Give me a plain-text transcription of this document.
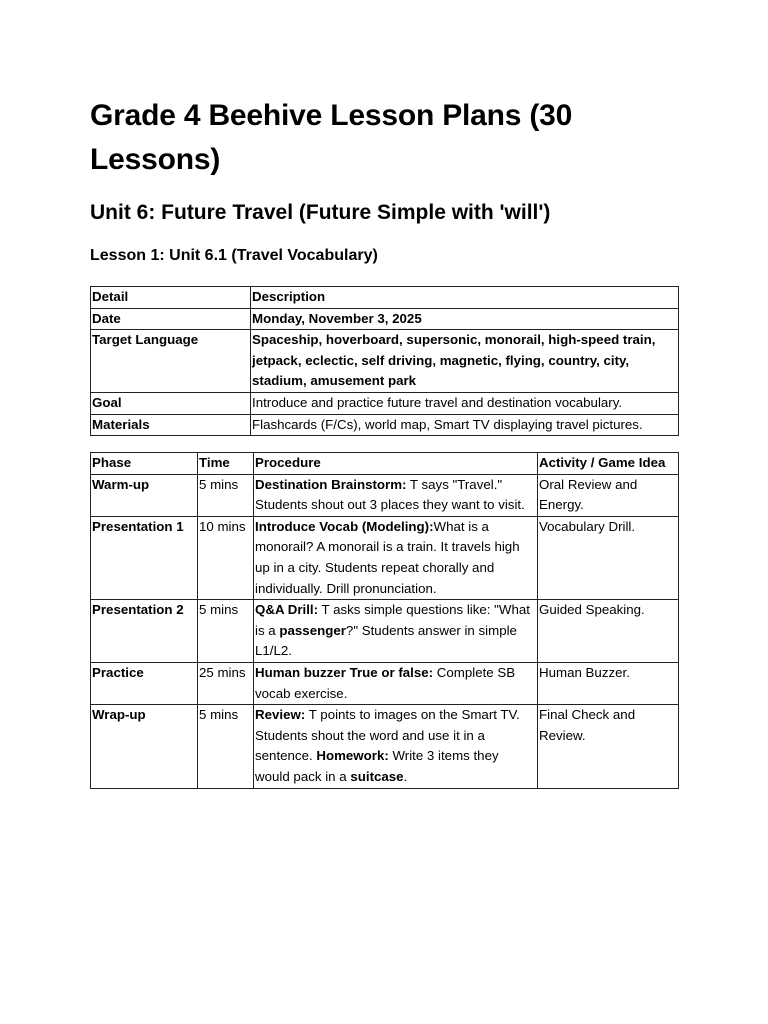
Grade 4 Beehive Lesson Plans (30 Lessons)
Unit 6: Future Travel (Future Simple with 'will')
Lesson 1: Unit 6.1 (Travel Vocabulary)
Detail	Description
Date	Monday, November 3, 2025
Target Language	Spaceship, hoverboard, supersonic, monorail, high-speed train, jetpack, eclectic, self driving, magnetic, flying, country, city, stadium, amusement park
Goal	Introduce and practice future travel and destination vocabulary.
Materials	Flashcards (F/Cs), world map, Smart TV displaying travel pictures.
Phase	Time	Procedure	Activity / Game Idea
Warm-up	5 mins	Destination Brainstorm: T says "Travel." Students shout out 3 places they want to visit.	Oral Review and Energy.
Presentation 1	10 mins	Introduce Vocab (Modeling):What is a monorail? A monorail is a train. It travels high up in a city. Students repeat chorally and individually. Drill pronunciation.	Vocabulary Drill.
Presentation 2	5 mins	Q&A Drill: T asks simple questions like: "What is a passenger?" Students answer in simple L1/L2.	Guided Speaking.
Practice	25 mins	Human buzzer True or false: Complete SB vocab exercise.	Human Buzzer.
Wrap-up	5 mins	Review: T points to images on the Smart TV. Students shout the word and use it in a sentence. Homework: Write 3 items they would pack in a suitcase.	Final Check and Review.
